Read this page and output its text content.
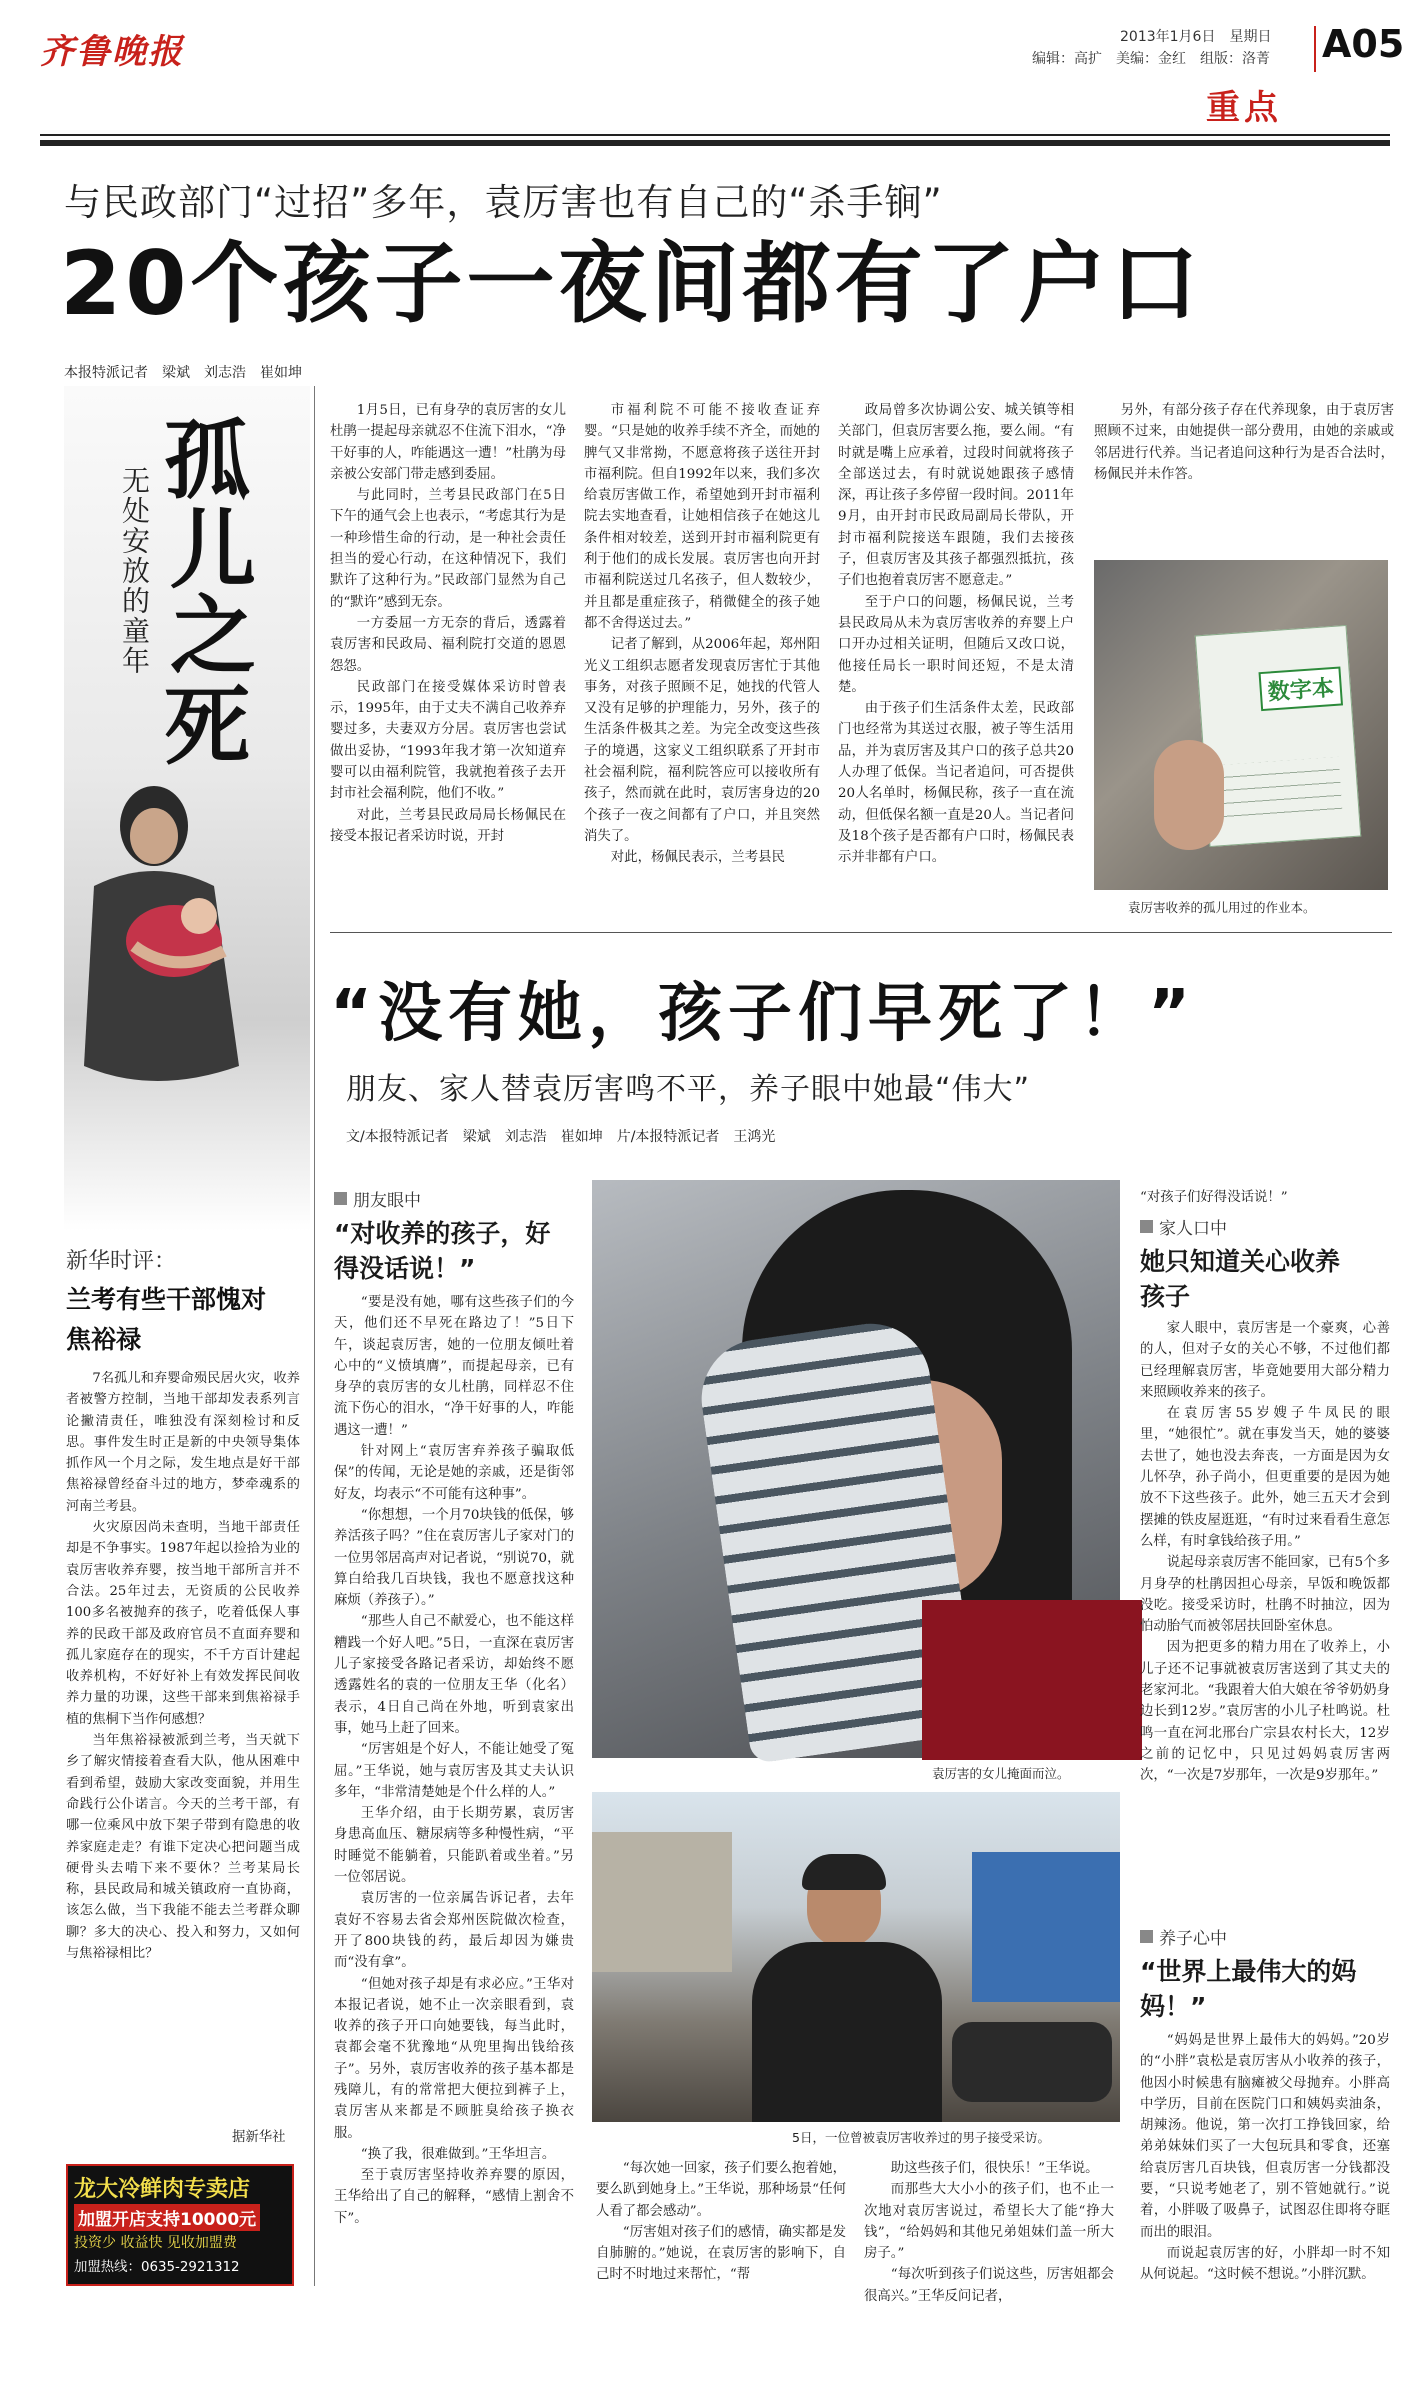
齐鲁晚报	2013年1月6日　星期日
编辑：高扩　美编：金红　组版：洛菁 A05
重点
与民政部门“过招”多年，袁厉害也有自己的“杀手锏”
20个孩子一夜间都有了户口
本报特派记者　梁斌　刘志浩　崔如坤
孤
儿之
死
无处安放的童年

1月5日，已有身孕的袁厉害的女儿杜鹃一提起母亲就忍不住流下泪水，“净干好事的人，咋能遇这一遭！”杜鹃为母亲被公安部门带走感到委屈。

与此同时，兰考县民政部门在5日下午的通气会上也表示，“考虑其行为是一种珍惜生命的行动，是一种社会责任担当的爱心行动，在这种情况下，我们默许了这种行为。”民政部门显然为自己的“默许”感到无奈。

一方委屈一方无奈的背后，透露着袁厉害和民政局、福利院打交道的恩恩怨怨。

民政部门在接受媒体采访时曾表示，1995年，由于丈夫不满自己收养弃婴过多，夫妻双方分居。袁厉害也尝试做出妥协，“1993年我才第一次知道弃婴可以由福利院管，我就抱着孩子去开封市社会福利院，他们不收。”

对此，兰考县民政局局长杨佩民在接受本报记者采访时说，开封

市福利院不可能不接收查证弃婴。“只是她的收养手续不齐全，而她的脾气又非常拗，不愿意将孩子送往开封市福利院。但自1992年以来，我们多次给袁厉害做工作，希望她到开封市福利院去实地查看，让她相信孩子在她这儿条件相对较差，送到开封市福利院更有利于他们的成长发展。袁厉害也向开封市福利院送过几名孩子，但人数较少，并且都是重症孩子，稍微健全的孩子她都不舍得送过去。”

记者了解到，从2006年起，郑州阳光义工组织志愿者发现袁厉害忙于其他事务，对孩子照顾不足，她找的代管人又没有足够的护理能力，另外，孩子的生活条件极其之差。为完全改变这些孩子的境遇，这家义工组织联系了开封市社会福利院，福利院答应可以接收所有孩子，然而就在此时，袁厉害身边的20个孩子一夜之间都有了户口，并且突然消失了。

对此，杨佩民表示，兰考县民

政局曾多次协调公安、城关镇等相关部门，但袁厉害要么拖，要么闹。“有时就是嘴上应承着，过段时间就将孩子全部送过去，有时就说她跟孩子感情深，再让孩子多停留一段时间。2011年9月，由开封市民政局副局长带队，开封市福利院接送车跟随，我们去接孩子，但袁厉害及其孩子都强烈抵抗，孩子们也抱着袁厉害不愿意走。”

至于户口的问题，杨佩民说，兰考县民政局从未为袁厉害收养的弃婴上户口开办过相关证明，但随后又改口说，他接任局长一职时间还短，不是太清楚。

由于孩子们生活条件太差，民政部门也经常为其送过衣服，被子等生活用品，并为袁厉害及其户口的孩子总共20人办理了低保。当记者追问，可否提供20人名单时，杨佩民称，孩子一直在流动，但低保名额一直是20人。当记者问及18个孩子是否都有户口时，杨佩民表示并非都有户口。

另外，有部分孩子存在代养现象，由于袁厉害照顾不过来，由她提供一部分费用，由她的亲戚或邻居进行代养。当记者追问这种行为是否合法时，杨佩民并未作答。

数字本
袁厉害收养的孤儿用过的作业本。
“没有她，孩子们早死了！”
朋友、家人替袁厉害鸣不平，养子眼中她最“伟大”
文/本报特派记者　梁斌　刘志浩　崔如坤　片/本报特派记者　王鸿光
新华时评：
兰考有些干部愧对焦裕禄

7名孤儿和弃婴命殒民居火灾，收养者被警方控制，当地干部却发表系列言论撇清责任，唯独没有深刻检讨和反思。事件发生时正是新的中央领导集体抓作风一个月之际，发生地点是好干部焦裕禄曾经奋斗过的地方，梦牵魂系的河南兰考县。

火灾原因尚未查明，当地干部责任却是不争事实。1987年起以捡拾为业的袁厉害收养弃婴，按当地干部所言并不合法。25年过去，无资质的公民收养100多名被抛弃的孩子，吃着低保人事养的民政干部及政府官员不直面弃婴和孤儿家庭存在的现实，不千方百计建起收养机构，不好好补上有效发挥民间收养力量的功课，这些干部来到焦裕禄手植的焦桐下当作何感想？

当年焦裕禄被派到兰考，当天就下乡了解灾情接着查看大队，他从困难中看到希望，鼓励大家改变面貌，并用生命践行公仆诺言。今天的兰考干部，有哪一位乘风中放下架子带到有隐患的收养家庭走走？有谁下定决心把问题当成硬骨头去啃下来不要休？兰考某局长称，县民政局和城关镇政府一直协商，该怎么做，当下我能不能去兰考群众聊聊？多大的决心、投入和努力，又如何与焦裕禄相比？

据新华社
龙大冷鲜肉专卖店
加盟开店支持10000元
投资少 收益快 见收加盟费
加盟热线：0635-2921312
朋友眼中
“对收养的孩子，好得没话说！”

“要是没有她，哪有这些孩子们的今天，他们还不早死在路边了！”5日下午，谈起袁厉害，她的一位朋友倾吐着心中的“义愤填膺”，而提起母亲，已有身孕的袁厉害的女儿杜鹃，同样忍不住流下伤心的泪水，“净干好事的人，咋能遇这一遭！”

针对网上“袁厉害弃养孩子骗取低保”的传闻，无论是她的亲戚，还是街邻好友，均表示“不可能有这种事”。

“你想想，一个月70块钱的低保，够养活孩子吗？”住在袁厉害儿子家对门的一位男邻居高声对记者说，“别说70，就算白给我几百块钱，我也不愿意找这种麻烦（养孩子）。”

“那些人自己不献爱心，也不能这样糟践一个好人吧。”5日，一直深在袁厉害儿子家接受各路记者采访，却始终不愿透露姓名的袁的一位朋友王华（化名）表示，4日自己尚在外地，听到袁家出事，她马上赶了回来。

“厉害姐是个好人，不能让她受了冤屈。”王华说，她与袁厉害及其丈夫认识多年，“非常清楚她是个什么样的人。”

王华介绍，由于长期劳累，袁厉害身患高血压、糖尿病等多种慢性病，“平时睡觉不能躺着，只能趴着或坐着。”另一位邻居说。

袁厉害的一位亲属告诉记者，去年袁好不容易去省会郑州医院做次检查，开了800块钱的药，最后却因为嫌贵而“没有拿”。

“但她对孩子却是有求必应。”王华对本报记者说，她不止一次亲眼看到，袁收养的孩子开口向她要钱，每当此时，袁都会毫不犹豫地“从兜里掏出钱给孩子”。另外，袁厉害收养的孩子基本都是残障儿，有的常常把大便拉到裤子上，袁厉害从来都是不顾脏臭给孩子换衣服。

“换了我，很难做到。”王华坦言。

至于袁厉害坚持收养弃婴的原因，王华给出了自己的解释，“感情上割舍不下”。

袁厉害的女儿掩面而泣。
5日，一位曾被袁厉害收养过的男子接受采访。

“每次她一回家，孩子们要么抱着她，要么趴到她身上。”王华说，那种场景“任何人看了都会感动”。

“厉害姐对孩子们的感情，确实都是发自肺腑的。”她说，在袁厉害的影响下，自己时不时地过来帮忙，“帮

助这些孩子们，很快乐！”王华说。

而那些大大小小的孩子们，也不止一次地对袁厉害说过，希望长大了能“挣大钱”，“给妈妈和其他兄弟姐妹们盖一所大房子。”

“每次听到孩子们说这些，厉害姐都会很高兴。”王华反问记者，

“对孩子们好得没话说！”
家人口中
她只知道关心收养孩子

家人眼中，袁厉害是一个豪爽，心善的人，但对子女的关心不够，不过他们都已经理解袁厉害，毕竟她要用大部分精力来照顾收养来的孩子。

在袁厉害55岁嫂子牛凤民的眼里，“她很忙”。就在事发当天，她的婆婆去世了，她也没去奔丧，一方面是因为女儿怀孕，孙子尚小，但更重要的是因为她放不下这些孩子。此外，她三五天才会到摆摊的铁皮屋逛逛，“有时过来看看生意怎么样，有时拿钱给孩子用。”

说起母亲袁厉害不能回家，已有5个多月身孕的杜鹃因担心母亲，早饭和晚饭都没吃。接受采访时，杜鹃不时抽泣，因为怕动胎气而被邻居扶回卧室休息。

因为把更多的精力用在了收养上，小儿子还不记事就被袁厉害送到了其丈夫的老家河北。“我跟着大伯大娘在爷爷奶奶身边长到12岁。”袁厉害的小儿子杜鸣说。杜鸣一直在河北邢台广宗县农村长大，12岁之前的记忆中，只见过妈妈袁厉害两次，“一次是7岁那年，一次是9岁那年。”

养子心中
“世界上最伟大的妈妈！”

“妈妈是世界上最伟大的妈妈。”20岁的“小胖”袁松是袁厉害从小收养的孩子，他因小时候患有脑瘫被父母抛弃。小胖高中学历，目前在医院门口和姨妈卖油条，胡辣汤。他说，第一次打工挣钱回家，给弟弟妹妹们买了一大包玩具和零食，还塞给袁厉害几百块钱，但袁厉害一分钱都没要，“只说考她老了，别不管她就行。”说着，小胖吸了吸鼻子，试图忍住即将夺眶而出的眼泪。

而说起袁厉害的好，小胖却一时不知从何说起。“这时候不想说。”小胖沉默。
